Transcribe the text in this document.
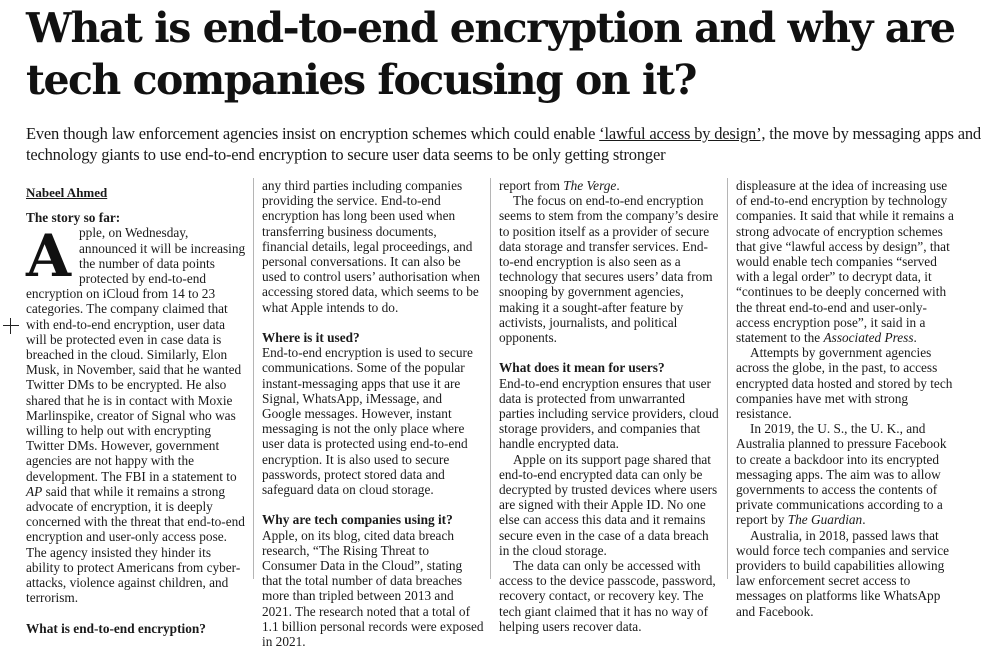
What is end-to-end encryption and why are tech companies focusing on it?

Even though law enforcement agencies insist on encryption schemes which could enable ‘lawful access by design’, the move by messaging apps and technology giants to use end-to-end encryption to secure user data seems to be only getting stronger

Nabeel Ahmed
The story so far:

Apple, on Wednesday, announced it will be increasing the number of data points protected by end-to-end encryption on iCloud from 14 to 23 categories. The company claimed that with end-to-end encryption, user data will be protected even in case data is breached in the cloud. Similarly, Elon Musk, in November, said that he wanted Twitter DMs to be encrypted. He also shared that he is in contact with Moxie Marlinspike, creator of Signal who was willing to help out with encrypting Twitter DMs. However, government agencies are not happy with the development. The FBI in a statement to AP said that while it remains a strong advocate of encryption, it is deeply concerned with the threat that end-to-end encryption and user-only access pose. The agency insisted they hinder its ability to protect Americans from cyber-attacks, violence against children, and terrorism.

What is end-to-end encryption?

any third parties including companies providing the service. End-to-end encryption has long been used when transferring business documents, financial details, legal proceedings, and personal conversations. It can also be used to control users’ authorisation when accessing stored data, which seems to be what Apple intends to do.

Where is it used?

End-to-end encryption is used to secure communications. Some of the popular instant-messaging apps that use it are Signal, WhatsApp, iMessage, and Google messages. However, instant messaging is not the only place where user data is protected using end-to-end encryption. It is also used to secure passwords, protect stored data and safeguard data on cloud storage.

Why are tech companies using it?

Apple, on its blog, cited data breach research, “The Rising Threat to Consumer Data in the Cloud”, stating that the total number of data breaches more than tripled between 2013 and 2021. The research noted that a total of 1.1 billion personal records were exposed in 2021.

report from The Verge.

The focus on end-to-end encryption seems to stem from the company’s desire to position itself as a provider of secure data storage and transfer services. End-to-end encryption is also seen as a technology that secures users’ data from snooping by government agencies, making it a sought-after feature by activists, journalists, and political opponents.

What does it mean for users?

End-to-end encryption ensures that user data is protected from unwarranted parties including service providers, cloud storage providers, and companies that handle encrypted data.

Apple on its support page shared that end-to-end encrypted data can only be decrypted by trusted devices where users are signed with their Apple ID. No one else can access this data and it remains secure even in the case of a data breach in the cloud storage.

The data can only be accessed with access to the device passcode, password, recovery contact, or recovery key. The tech giant claimed that it has no way of helping users recover data.

displeasure at the idea of increasing use of end-to-end encryption by technology companies. It said that while it remains a strong advocate of encryption schemes that give “lawful access by design”, that would enable tech companies “served with a legal order” to decrypt data, it “continues to be deeply concerned with the threat end-to-end and user-only-access encryption pose”, it said in a statement to the Associated Press.

Attempts by government agencies across the globe, in the past, to access encrypted data hosted and stored by tech companies have met with strong resistance.

In 2019, the U. S., the U. K., and Australia planned to pressure Facebook to create a backdoor into its encrypted messaging apps. The aim was to allow governments to access the contents of private communications according to a report by The Guardian.

Australia, in 2018, passed laws that would force tech companies and service providers to build capabilities allowing law enforcement secret access to messages on platforms like WhatsApp and Facebook.
